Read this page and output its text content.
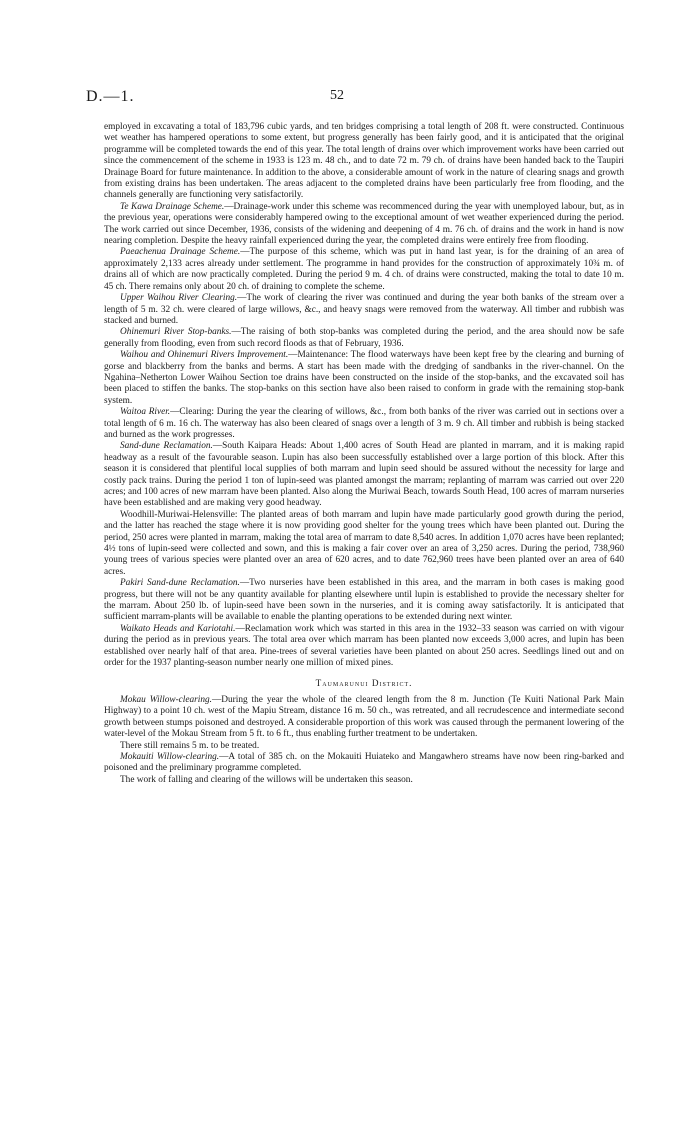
D.—1.	52

employed in excavating a total of 183,796 cubic yards, and ten bridges comprising a total length of 208 ft. were constructed. Continuous wet weather has hampered operations to some extent, but progress generally has been fairly good, and it is anticipated that the original programme will be completed towards the end of this year. The total length of drains over which improvement works have been carried out since the commencement of the scheme in 1933 is 123 m. 48 ch., and to date 72 m. 79 ch. of drains have been handed back to the Taupiri Drainage Board for future maintenance. In addition to the above, a considerable amount of work in the nature of clearing snags and growth from existing drains has been undertaken. The areas adjacent to the completed drains have been particularly free from flooding, and the channels generally are functioning very satisfactorily.

Te Kawa Drainage Scheme.—Drainage-work under this scheme was recommenced during the year with unemployed labour, but, as in the previous year, operations were considerably hampered owing to the exceptional amount of wet weather experienced during the period. The work carried out since December, 1936, consists of the widening and deepening of 4 m. 76 ch. of drains and the work in hand is now nearing completion. Despite the heavy rainfall experienced during the year, the completed drains were entirely free from flooding.

Paeachenua Drainage Scheme.—The purpose of this scheme, which was put in hand last year, is for the draining of an area of approximately 2,133 acres already under settlement. The programme in hand provides for the construction of approximately 10¾ m. of drains all of which are now practically completed. During the period 9 m. 4 ch. of drains were constructed, making the total to date 10 m. 45 ch. There remains only about 20 ch. of draining to complete the scheme.

Upper Waihou River Clearing.—The work of clearing the river was continued and during the year both banks of the stream over a length of 5 m. 32 ch. were cleared of large willows, &c., and heavy snags were removed from the waterway. All timber and rubbish was stacked and burned.

Ohinemuri River Stop-banks.—The raising of both stop-banks was completed during the period, and the area should now be safe generally from flooding, even from such record floods as that of February, 1936.

Waihou and Ohinemuri Rivers Improvement.—Maintenance: The flood waterways have been kept free by the clearing and burning of gorse and blackberry from the banks and berms. A start has been made with the dredging of sandbanks in the river-channel. On the Ngahina–Netherton Lower Waihou Section toe drains have been constructed on the inside of the stop-banks, and the excavated soil has been placed to stiffen the banks. The stop-banks on this section have also been raised to conform in grade with the remaining stop-bank system.

Waitoa River.—Clearing: During the year the clearing of willows, &c., from both banks of the river was carried out in sections over a total length of 6 m. 16 ch. The waterway has also been cleared of snags over a length of 3 m. 9 ch. All timber and rubbish is being stacked and burned as the work progresses.

Sand-dune Reclamation.—South Kaipara Heads: About 1,400 acres of South Head are planted in marram, and it is making rapid headway as a result of the favourable season. Lupin has also been successfully established over a large portion of this block. After this season it is considered that plentiful local supplies of both marram and lupin seed should be assured without the necessity for large and costly pack trains. During the period 1 ton of lupin-seed was planted amongst the marram; replanting of marram was carried out over 220 acres; and 100 acres of new marram have been planted. Also along the Muriwai Beach, towards South Head, 100 acres of marram nurseries have been established and are making very good headway.

Woodhill-Muriwai-Helensville: The planted areas of both marram and lupin have made particularly good growth during the period, and the latter has reached the stage where it is now providing good shelter for the young trees which have been planted out. During the period, 250 acres were planted in marram, making the total area of marram to date 8,540 acres. In addition 1,070 acres have been replanted; 4½ tons of lupin-seed were collected and sown, and this is making a fair cover over an area of 3,250 acres. During the period, 738,960 young trees of various species were planted over an area of 620 acres, and to date 762,960 trees have been planted over an area of 640 acres.

Pakiri Sand-dune Reclamation.—Two nurseries have been established in this area, and the marram in both cases is making good progress, but there will not be any quantity available for planting elsewhere until lupin is established to provide the necessary shelter for the marram. About 250 lb. of lupin-seed have been sown in the nurseries, and it is coming away satisfactorily. It is anticipated that sufficient marram-plants will be available to enable the planting operations to be extended during next winter.

Waikato Heads and Kariotahi.—Reclamation work which was started in this area in the 1932–33 season was carried on with vigour during the period as in previous years. The total area over which marram has been planted now exceeds 3,000 acres, and lupin has been established over nearly half of that area. Pine-trees of several varieties have been planted on about 250 acres. Seedlings lined out and on order for the 1937 planting-season number nearly one million of mixed pines.

Taumarunui District.

Mokau Willow-clearing.—During the year the whole of the cleared length from the 8 m. Junction (Te Kuiti National Park Main Highway) to a point 10 ch. west of the Mapiu Stream, distance 16 m. 50 ch., was retreated, and all recrudescence and intermediate second growth between stumps poisoned and destroyed. A considerable proportion of this work was caused through the permanent lowering of the water-level of the Mokau Stream from 5 ft. to 6 ft., thus enabling further treatment to be undertaken.

There still remains 5 m. to be treated.

Mokauiti Willow-clearing.—A total of 385 ch. on the Mokauiti Huiateko and Mangawhero streams have now been ring-barked and poisoned and the preliminary programme completed.

The work of falling and clearing of the willows will be undertaken this season.
